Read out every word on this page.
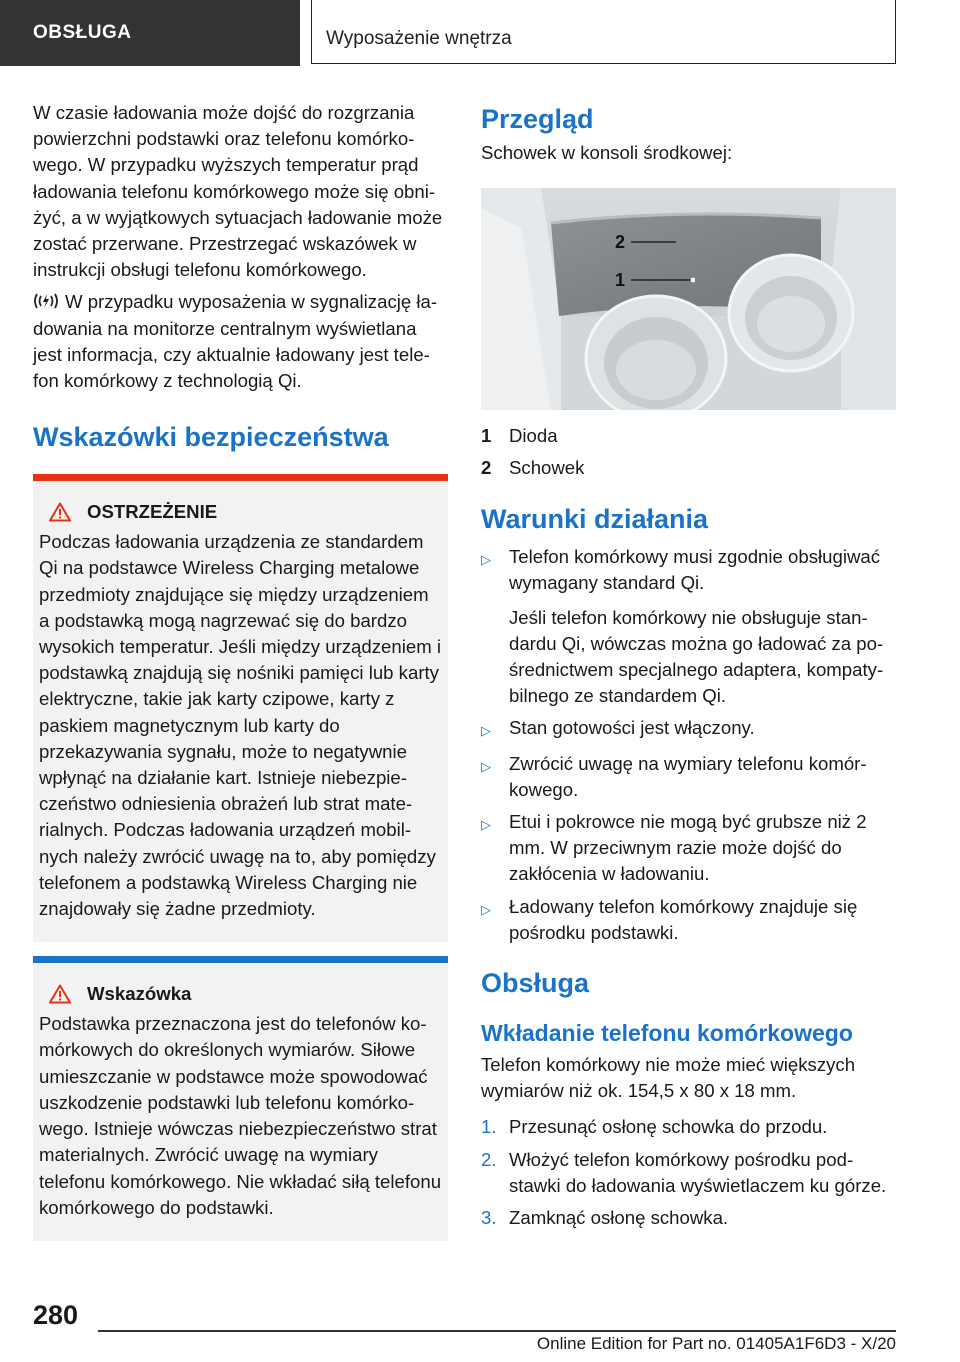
OBSŁUGA	Wyposażenie wnętrza

W czasie ładowania może dojść do rozgrzania powierzchni podstawki oraz telefonu komórkowego. W przypadku wyższych temperatur prąd ładowania telefonu komórkowego może się obniżyć, a w wyjątkowych sytuacjach ładowanie może zostać przerwane. Przestrzegać wskazówek w instrukcji obsługi telefonu komórkowego.

W przypadku wyposażenia w sygnalizację ładowania na monitorze centralnym wyświetlana jest informacja, czy aktualnie ładowany jest telefon komórkowy z technologią Qi.

Wskazówki bezpieczeństwa
OSTRZEŻENIE

Podczas ładowania urządzenia ze standardem Qi na podstawce Wireless Charging metalowe przedmioty znajdujące się między urządzeniem a podstawką mogą nagrzewać się do bardzo wysokich temperatur. Jeśli między urządzeniem i podstawką znajdują się nośniki pamięci lub karty elektryczne, takie jak karty czipowe, karty z paskiem magnetycznym lub karty do przekazywania sygnału, może to negatywnie wpłynąć na działanie kart. Istnieje niebezpieczeństwo odniesienia obrażeń lub strat materialnych. Podczas ładowania urządzeń mobilnych należy zwrócić uwagę na to, aby pomiędzy telefonem a podstawką Wireless Charging nie znajdowały się żadne przedmioty.

Wskazówka

Podstawka przeznaczona jest do telefonów komórkowych do określonych wymiarów. Siłowe umieszczanie w podstawce może spowodować uszkodzenie podstawki lub telefonu komórkowego. Istnieje wówczas niebezpieczeństwo strat materialnych. Zwrócić uwagę na wymiary telefonu komórkowego. Nie wkładać siłą telefonu komórkowego do podstawki.

Przegląd

Schowek w konsoli środkowej:

2
1
1 Dioda
2 Schowek
Warunki działania
▷ Telefon komórkowy musi zgodnie obsługiwać wymagany standard Qi.

Jeśli telefon komórkowy nie obsługuje standardu Qi, wówczas można go ładować za pośrednictwem specjalnego adaptera, kompatybilnego ze standardem Qi.

▷ Stan gotowości jest włączony.

▷ Zwrócić uwagę na wymiary telefonu komórkowego.

▷ Etui i pokrowce nie mogą być grubsze niż 2 mm. W przeciwnym razie może dojść do zakłócenia w ładowaniu.

▷ Ładowany telefon komórkowy znajduje się pośrodku podstawki.

Obsługa
Wkładanie telefonu komórkowego

Telefon komórkowy nie może mieć większych wymiarów niż ok. 154,5 x 80 x 18 mm.

1. Przesunąć osłonę schowka do przodu.
2. Włożyć telefon komórkowy pośrodku podstawki do ładowania wyświetlaczem ku górze.
3. Zamknąć osłonę schowka.
280
Online Edition for Part no. 01405A1F6D3 - X/20
